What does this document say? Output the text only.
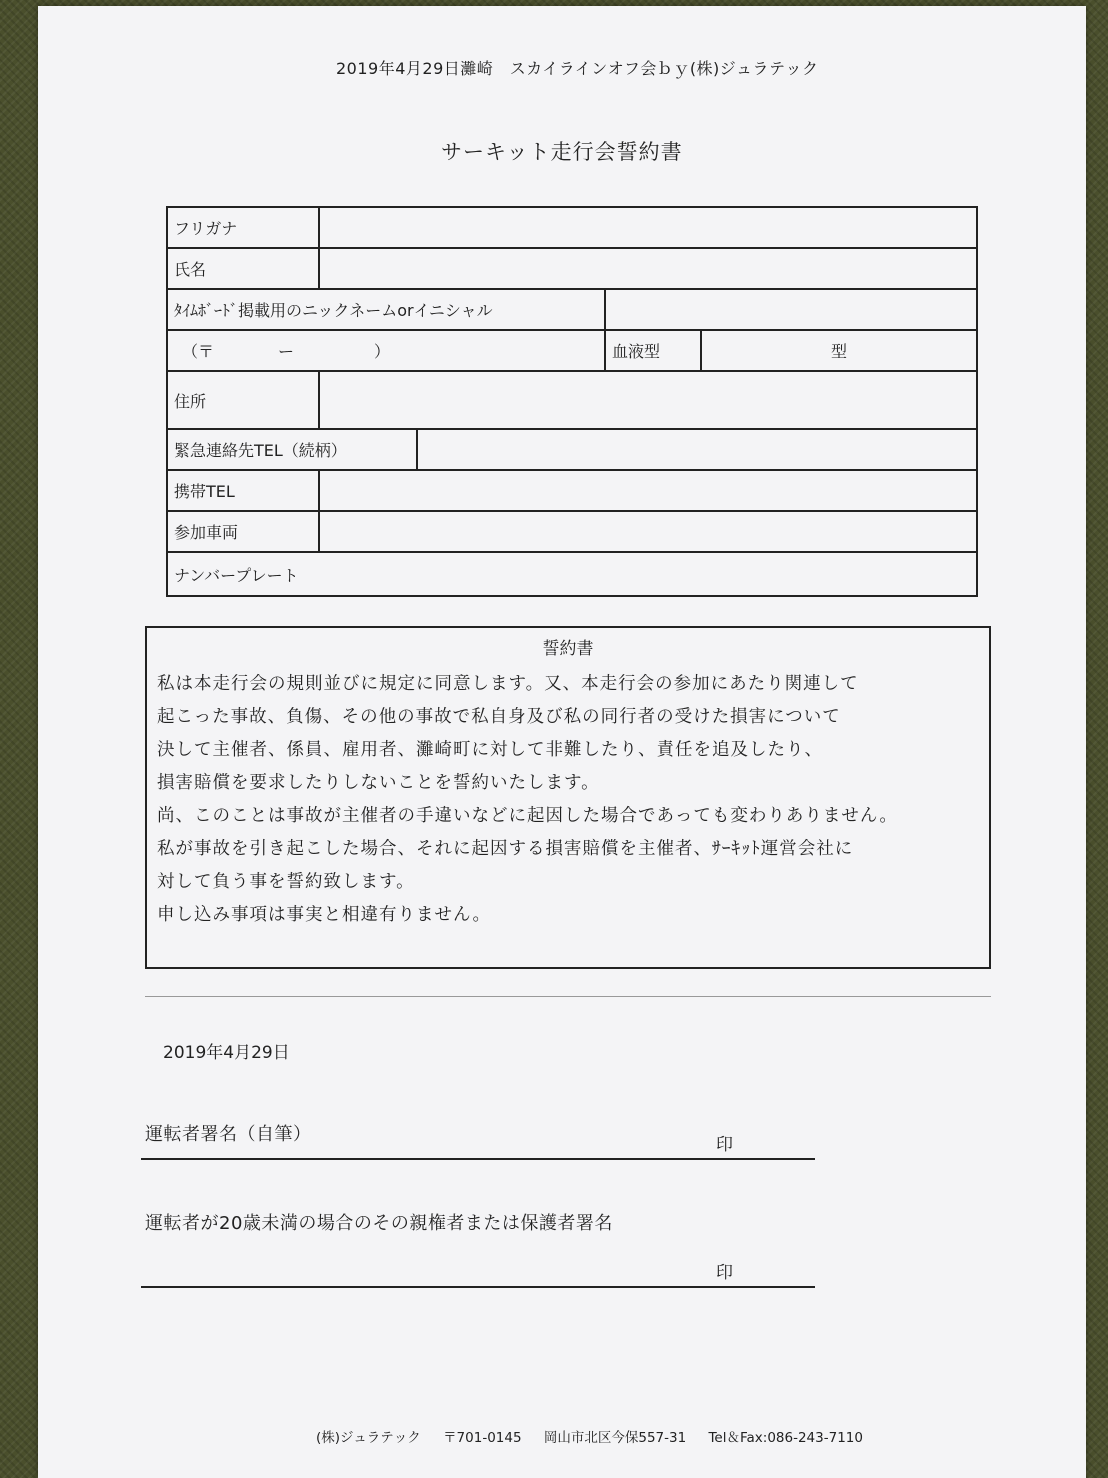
2019年4月29日灘崎　スカイラインオフ会ｂｙ(株)ジュラテック
サーキット走行会誓約書
フリガナ
氏名
ﾀｲﾑﾎﾞｰﾄﾞ掲載用のニックネームorイニシャル
（〒　　　　ー　　　　　）	血液型	型
住所
緊急連絡先TEL（続柄）
携帯TEL
参加車両
ナンバープレート
誓約書
私は本走行会の規則並びに規定に同意します。又、本走行会の参加にあたり関連して
起こった事故、負傷、その他の事故で私自身及び私の同行者の受けた損害について
決して主催者、係員、雇用者、灘崎町に対して非難したり、責任を追及したり、
損害賠償を要求したりしないことを誓約いたします。
尚、このことは事故が主催者の手違いなどに起因した場合であっても変わりありません。
私が事故を引き起こした場合、それに起因する損害賠償を主催者、ｻｰｷｯﾄ運営会社に
対して負う事を誓約致します。
申し込み事項は事実と相違有りません。
2019年4月29日
運転者署名（自筆）	印
運転者が20歳未満の場合のその親権者または保護者署名
印
(株)ジュラテック 〒701-0145 岡山市北区今保557-31 Tel＆Fax:086-243-7110
